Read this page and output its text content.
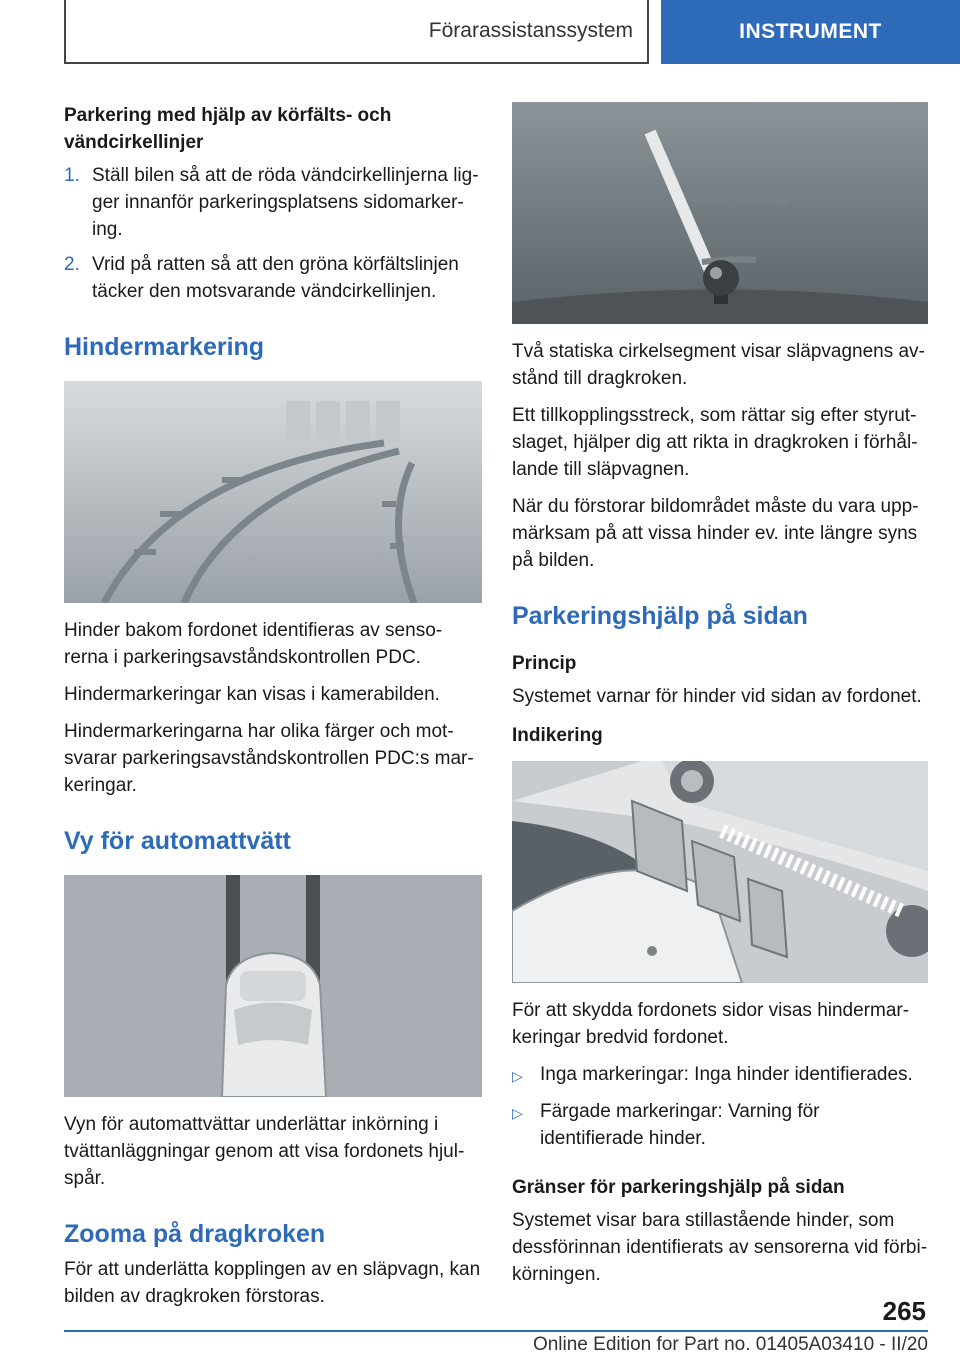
Förarassistanssystem	INSTRUMENT
Parkering med hjälp av körfälts- och vändcirkellinjer
1. Ställ bilen så att de röda vändcirkellinjerna lig- ger innanför parkeringsplatsens sidomarker- ing.
2. Vrid på ratten så att den gröna körfältslinjen täcker den motsvarande vändcirkellinjen.
Hindermarkering

Hinder bakom fordonet identifieras av senso- rerna i parkeringsavståndskontrollen PDC.

Hindermarkeringar kan visas i kamerabilden.

Hindermarkeringarna har olika färger och mot- svarar parkeringsavståndskontrollen PDC:s mar- keringar.

Vy för automattvätt

Vyn för automattvättar underlättar inkörning i tvättanläggningar genom att visa fordonets hjul- spår.

Zooma på dragkroken

För att underlätta kopplingen av en släpvagn, kan bilden av dragkroken förstoras.

Två statiska cirkelsegment visar släpvagnens av- stånd till dragkroken.

Ett tillkopplingsstreck, som rättar sig efter styrut- slaget, hjälper dig att rikta in dragkroken i förhål- lande till släpvagnen.

När du förstorar bildområdet måste du vara upp- märksam på att vissa hinder ev. inte längre syns på bilden.

Parkeringshjälp på sidan
Princip

Systemet varnar för hinder vid sidan av fordonet.

Indikering

För att skydda fordonets sidor visas hindermar- keringar bredvid fordonet.

▷ Inga markeringar: Inga hinder identifierades.
▷ Färgade markeringar: Varning för identifierade hinder.
Gränser för parkeringshjälp på sidan

Systemet visar bara stillastående hinder, som dessförinnan identifierats av sensorerna vid förbi- körningen.

265
Online Edition for Part no. 01405A03410 - II/20
